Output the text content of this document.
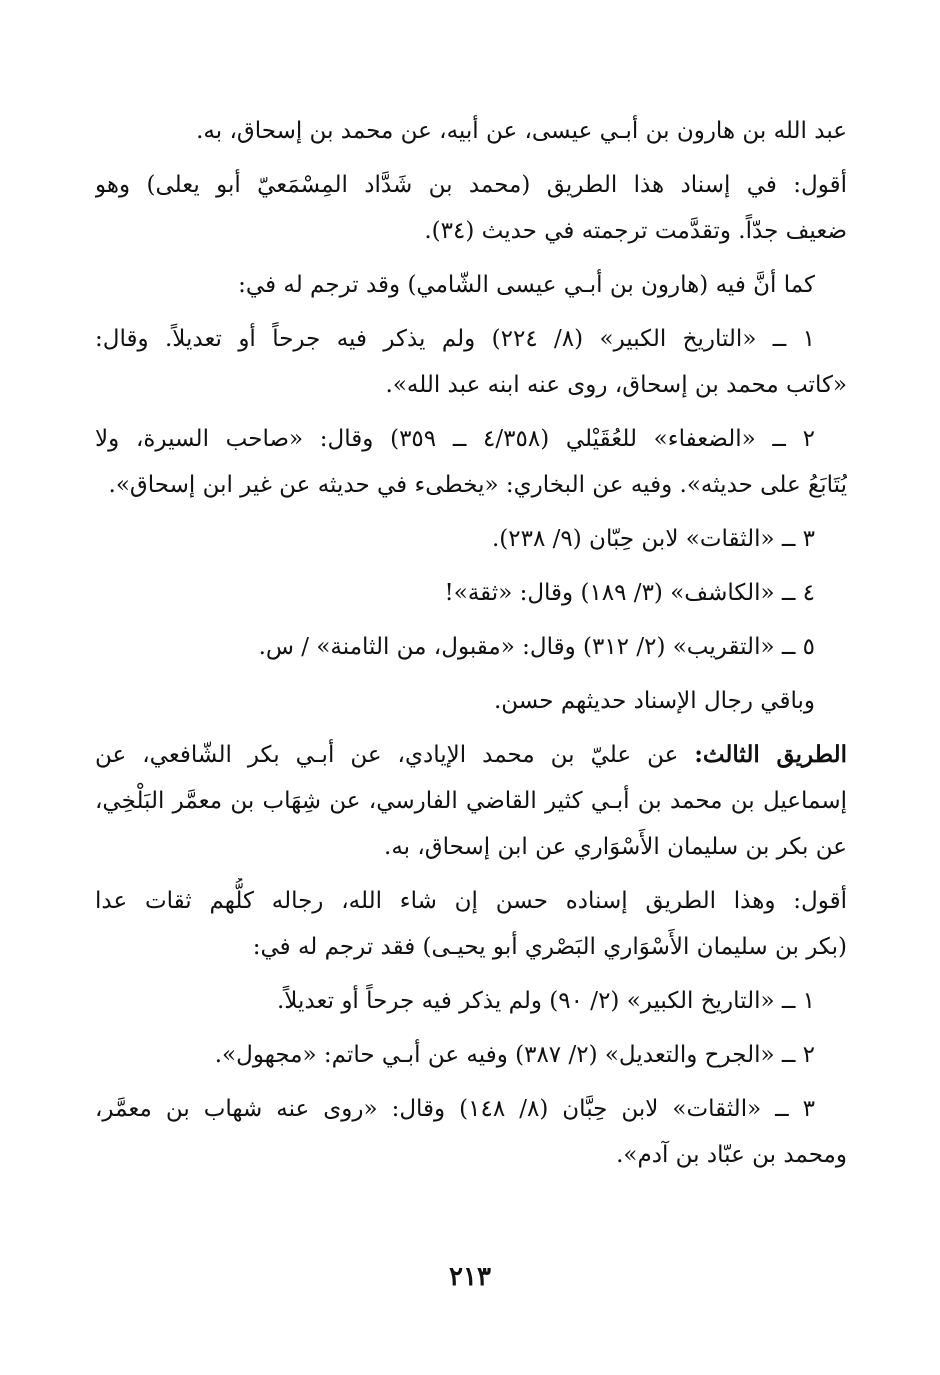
عبد الله بن هارون بن أبـي عيسى، عن أبيه، عن محمد بن إسحاق، به.
أقول: في إسناد هذا الطريق (محمد بن شَدَّاد المِسْمَعيّ أبو يعلى) وهو
ضعيف جدّاً. وتقدَّمت ترجمته في حديث (٣٤).
كما أنَّ فيه (هارون بن أبـي عيسى الشّامي) وقد ترجم له في:
١ ــ «التاريخ الكبير» (٨/ ٢٢٤) ولم يذكر فيه جرحاً أو تعديلاً. وقال:
«كاتب محمد بن إسحاق، روى عنه ابنه عبد الله».
٢ ــ «الضعفاء» للعُقَيْلي (٤/٣٥٨ ــ ٣٥٩) وقال: «صاحب السيرة، ولا
يُتَابَعُ على حديثه». وفيه عن البخاري: «يخطىء في حديثه عن غير ابن إسحاق».
٣ ــ «الثقات» لابن حِبّان (٩/ ٢٣٨).
٤ ــ «الكاشف» (٣/ ١٨٩) وقال: «ثقة»!
٥ ــ «التقريب» (٢/ ٣١٢) وقال: «مقبول، من الثامنة» / س.
وباقي رجال الإسناد حديثهم حسن.
الطريق الثالث: عن عليّ بن محمد الإيادي، عن أبـي بكر الشّافعي، عن
إسماعيل بن محمد بن أبـي كثير القاضي الفارسي، عن شِهَاب بن معمَّر البَلْخِي،
عن بكر بن سليمان الأَسْوَاري عن ابن إسحاق، به.
أقول: وهذا الطريق إسناده حسن إن شاء الله، رجاله كلُّهم ثقات عدا
(بكر بن سليمان الأَسْوَاري البَصْري أبو يحيـى) فقد ترجم له في:
١ ــ «التاريخ الكبير» (٢/ ٩٠) ولم يذكر فيه جرحاً أو تعديلاً.
٢ ــ «الجرح والتعديل» (٢/ ٣٨٧) وفيه عن أبـي حاتم: «مجهول».
٣ ــ «الثقات» لابن حِبَّان (٨/ ١٤٨) وقال: «روى عنه شهاب بن معمَّر،
ومحمد بن عبّاد بن آدم».
٢١٣
